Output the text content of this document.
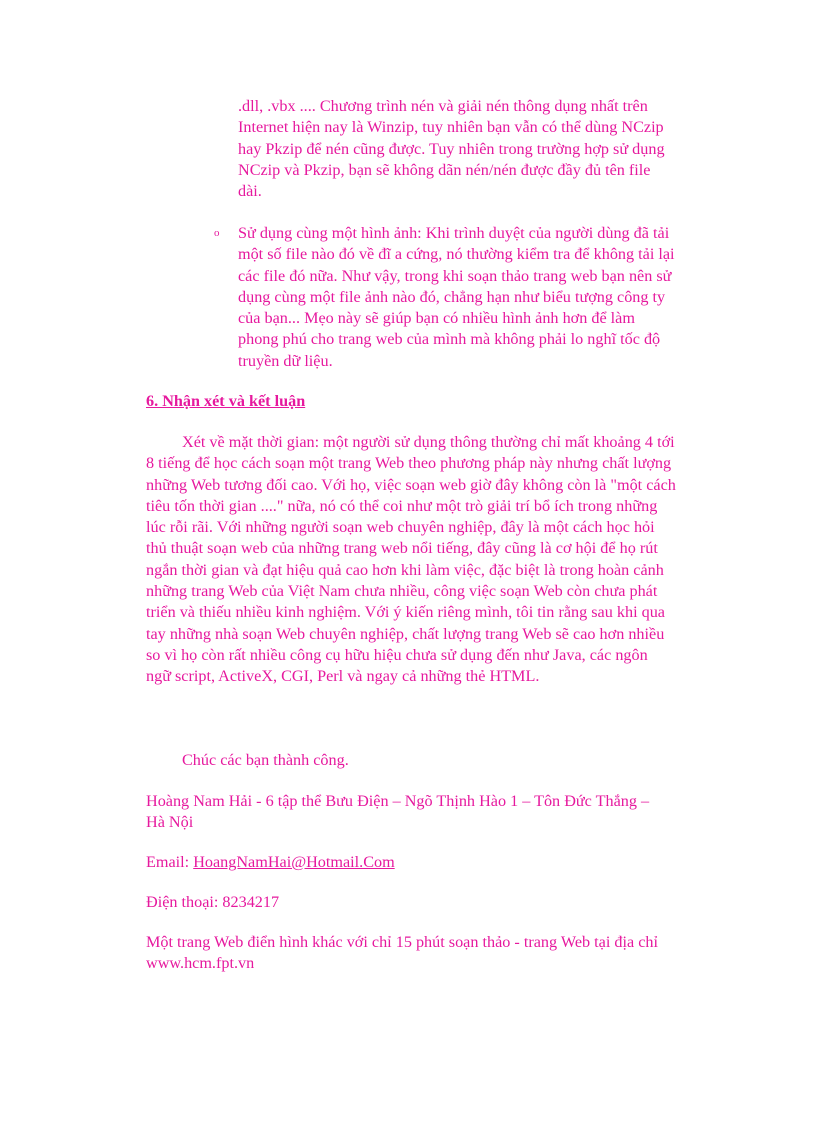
.dll, .vbx .... Chương trình nén và giải nén thông dụng nhất trên Internet hiện nay là Winzip, tuy nhiên bạn vẫn có thể dùng NCzip hay Pkzip để nén cũng được. Tuy nhiên trong trường hợp sử dụng NCzip và Pkzip, bạn sẽ không dãn nén/nén được đầy đủ tên file dài.

o Sử dụng cùng một hình ảnh: Khi trình duyệt của người dùng đã tải một số file nào đó về đĩ a cứng, nó thường kiểm tra để không tải lại các file đó nữa. Như vậy, trong khi soạn thảo trang web bạn nên sử dụng cùng một file ảnh nào đó, chẳng hạn như biểu tượng công ty của bạn... Mẹo này sẽ giúp bạn có nhiều hình ảnh hơn để làm phong phú cho trang web của mình mà không phải lo nghĩ tốc độ truyền dữ liệu.

6. Nhận xét và kết luận

Xét về mặt thời gian: một người sử dụng thông thường chỉ mất khoảng 4 tới 8 tiếng để học cách soạn một trang Web theo phương pháp này nhưng chất lượng những Web tương đối cao. Với họ, việc soạn web giờ đây không còn là "một cách tiêu tốn thời gian ...." nữa, nó có thể coi như một trò giải trí bổ ích trong những lúc rỗi rãi. Với những người soạn web chuyên nghiệp, đây là một cách học hỏi thủ thuật soạn web của những trang web nổi tiếng, đây cũng là cơ hội để họ rút ngắn thời gian và đạt hiệu quả cao hơn khi làm việc, đặc biệt là trong hoàn cảnh những trang Web của Việt Nam chưa nhiều, công việc soạn Web còn chưa phát triển và thiếu nhiều kinh nghiệm. Với ý kiến riêng mình, tôi tin rằng sau khi qua tay những nhà soạn Web chuyên nghiệp, chất lượng trang Web sẽ cao hơn nhiều so vì họ còn rất nhiều công cụ hữu hiệu chưa sử dụng đến như Java, các ngôn ngữ script, ActiveX, CGI, Perl và ngay cả những thẻ HTML.

Chúc các bạn thành công.

Hoàng Nam Hải - 6 tập thể Bưu Điện – Ngõ Thịnh Hào 1 – Tôn Đức Thắng – Hà Nội

Email: HoangNamHai@Hotmail.Com

Điện thoại: 8234217

Một trang Web điển hình khác với chỉ 15 phút soạn thảo - trang Web tại địa chỉ www.hcm.fpt.vn
